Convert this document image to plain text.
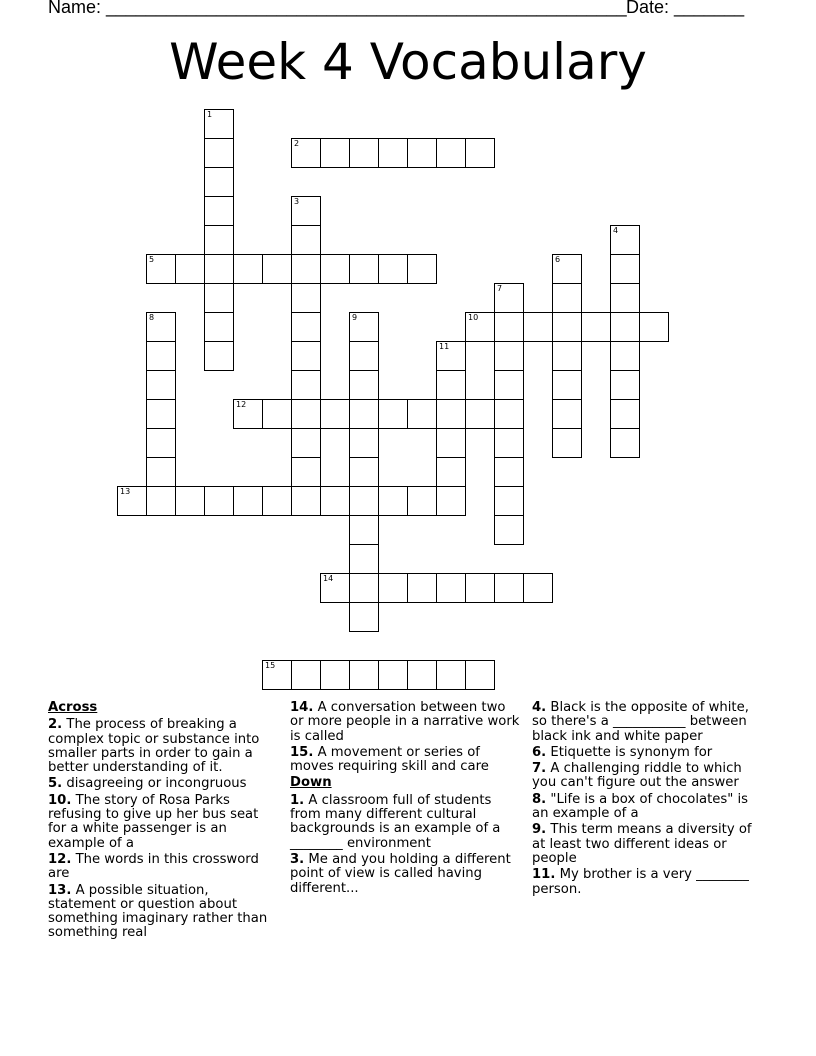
Name: ____________________________________________________ Date: _______
Week 4 Vocabulary
1
2
3
4
5	6
7
8	9	10
11
12
13
14
15
Across
2. The process of breaking a complex topic or substance into smaller parts in order to gain a better understanding of it.
5. disagreeing or incongruous
10. The story of Rosa Parks refusing to give up her bus seat for a white passenger is an example of a
12. The words in this crossword are
13. A possible situation, statement or question about something imaginary rather than something real
14. A conversation between two or more people in a narrative work is called
15. A movement or series of moves requiring skill and care
Down
1. A classroom full of students from many different cultural backgrounds is an example of a ________ environment
3. Me and you holding a different point of view is called having different...
4. Black is the opposite of white, so there's a ___________ between black ink and white paper
6. Etiquette is synonym for
7. A challenging riddle to which you can't figure out the answer
8. "Life is a box of chocolates" is an example of a
9. This term means a diversity of at least two different ideas or people
11. My brother is a very ________ person.
